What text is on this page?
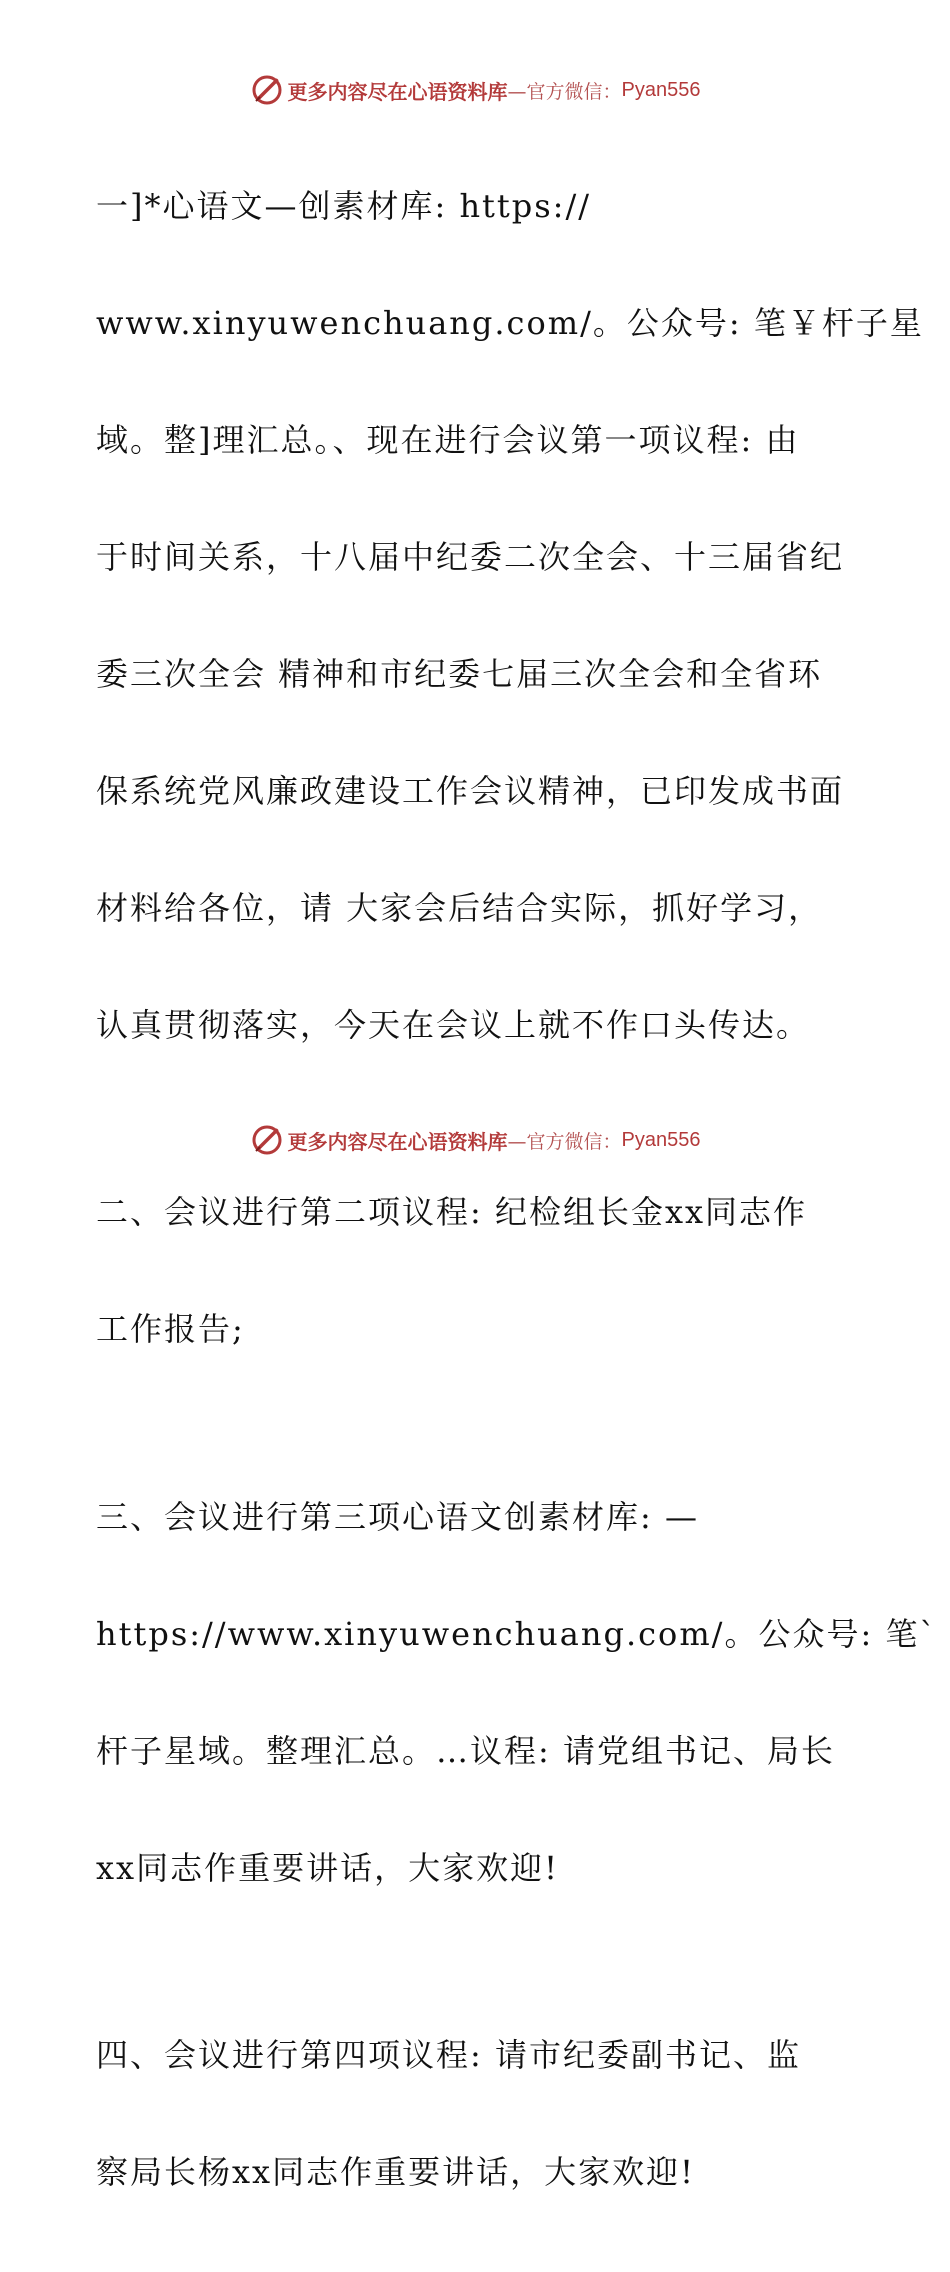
更多内容尽在心语资料库 —官方微信： Pyan556

一]*心语文—创素材库: https://

www.xinyuwenchuang.com/。公众号: 笔￥杆子星

域。整]理汇总。、现在进行会议第一项议程: 由

于时间关系，十八届中纪委二次全会、十三届省纪

委三次全会 精神和市纪委七届三次全会和全省环

保系统党风廉政建设工作会议精神，已印发成书面

材料给各位，请 大家会后结合实际，抓好学习，

认真贯彻落实，今天在会议上就不作口头传达。

二、会议进行第二项议程: 纪检组长金xx同志作

工作报告;

三、会议进行第三项心语文创素材库: —

https://www.xinyuwenchuang.com/。公众号: 笔`

杆子星域。整理汇总。…议程: 请党组书记、局长

xx同志作重要讲话，大家欢迎!

四、会议进行第四项议程: 请市纪委副书记、监

察局长杨xx同志作重要讲话，大家欢迎!

更多内容尽在心语资料库 —官方微信： Pyan556
